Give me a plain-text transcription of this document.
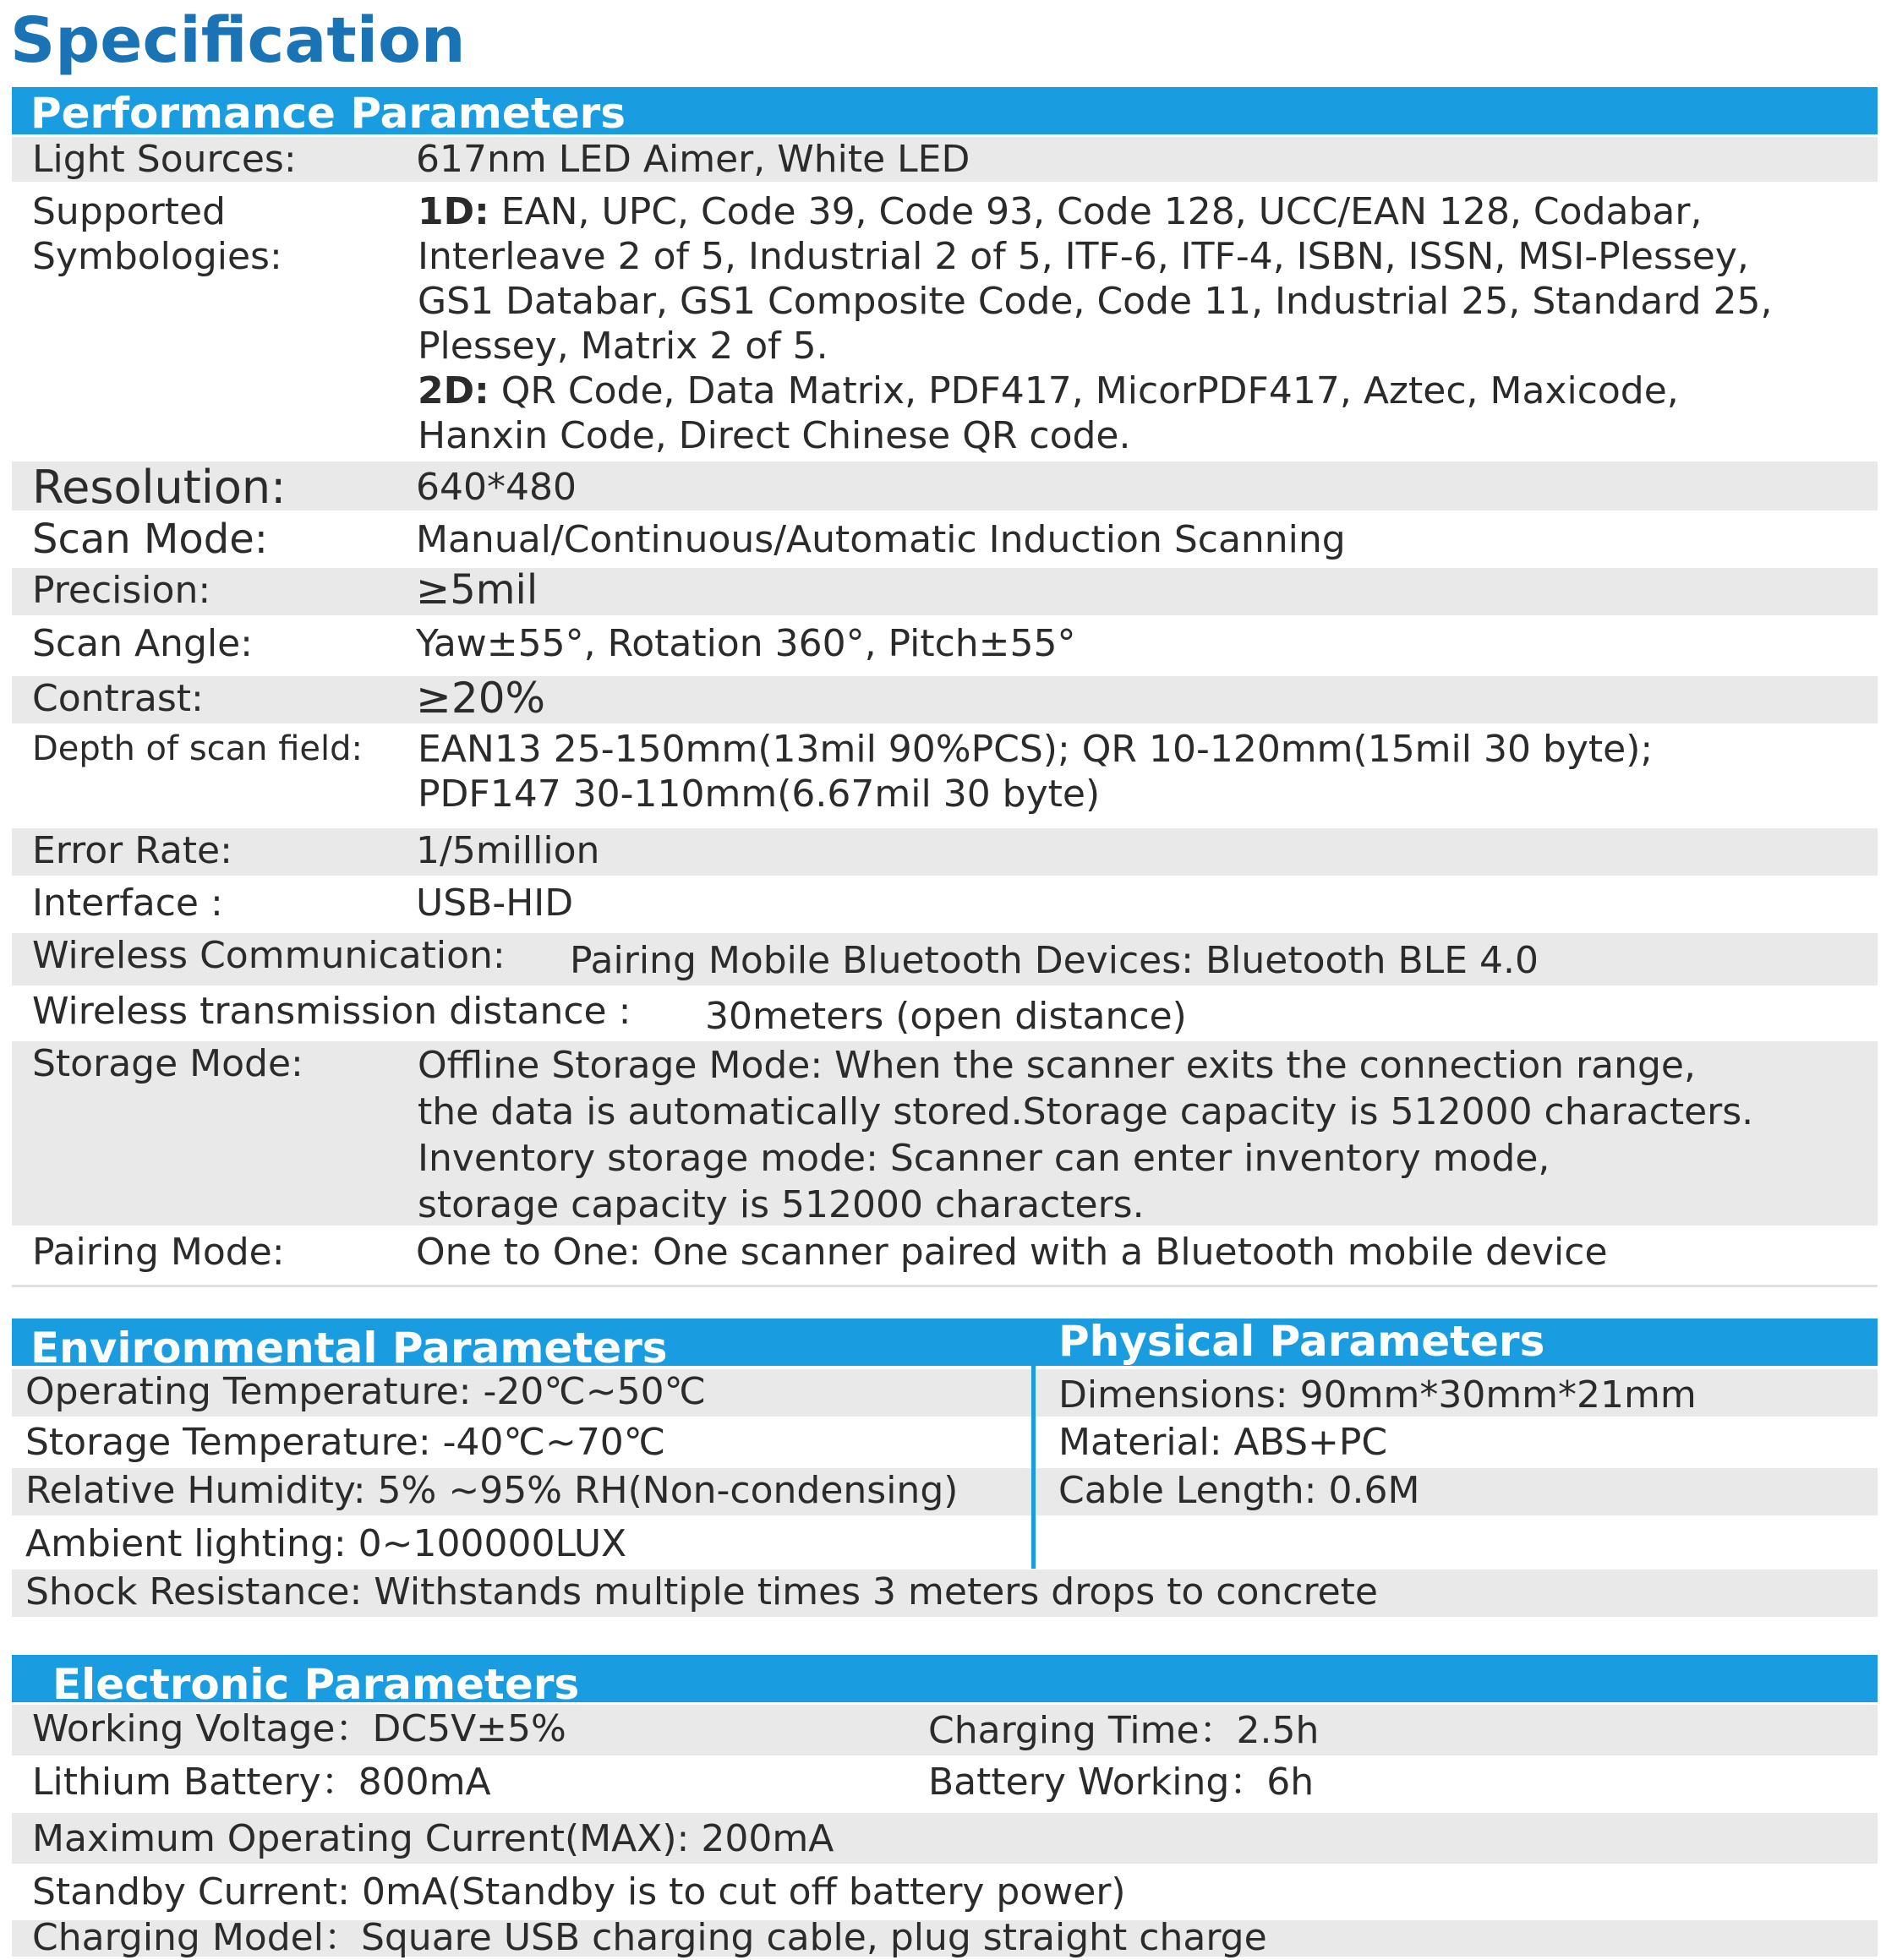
Specification
Performance Parameters
Light Sources:	617nm LED Aimer, White LED
Supported
Symbologies:
1D: EAN, UPC, Code 39, Code 93, Code 128, UCC/EAN 128, Codabar,
Interleave 2 of 5, Industrial 2 of 5, ITF-6, ITF-4, ISBN, ISSN, MSI-Plessey,
GS1 Databar, GS1 Composite Code, Code 11, Industrial 25, Standard 25,
Plessey, Matrix 2 of 5.
2D: QR Code, Data Matrix, PDF417, MicorPDF417, Aztec, Maxicode,
Hanxin Code, Direct Chinese QR code.
Resolution:	640*480
Scan Mode:	Manual/Continuous/Automatic Induction Scanning
Precision:	≥5mil
Scan Angle:	Yaw±55°, Rotation 360°, Pitch±55°
Contrast:	≥20%
Depth of scan field: EAN13 25-150mm(13mil 90%PCS); QR 10-120mm(15mil 30 byte);
PDF147 30-110mm(6.67mil 30 byte)
Error Rate:	1/5million
Interface :	USB-HID
Wireless Communication: Pairing Mobile Bluetooth Devices: Bluetooth BLE 4.0
Wireless transmission distance : 30meters (open distance)
Storage Mode:	Offline Storage Mode: When the scanner exits the connection range,
the data is automatically stored.Storage capacity is 512000 characters.
Inventory storage mode: Scanner can enter inventory mode,
storage capacity is 512000 characters.
Pairing Mode:	One to One: One scanner paired with a Bluetooth mobile device
Environmental Parameters	Physical Parameters
Operating Temperature: -20℃~50℃	Dimensions: 90mm*30mm*21mm
Storage Temperature: -40℃~70℃	Material: ABS+PC
Relative Humidity: 5% ~95% RH(Non-condensing)	Cable Length: 0.6M
Ambient lighting: 0~100000LUX
Shock Resistance: Withstands multiple times 3 meters drops to concrete
Electronic Parameters
Working Voltage：DC5V±5%	Charging Time：2.5h
Lithium Battery：800mA	Battery Working：6h
Maximum Operating Current(MAX): 200mA
Standby Current: 0mA(Standby is to cut off battery power)
Charging Model：Square USB charging cable, plug straight charge
